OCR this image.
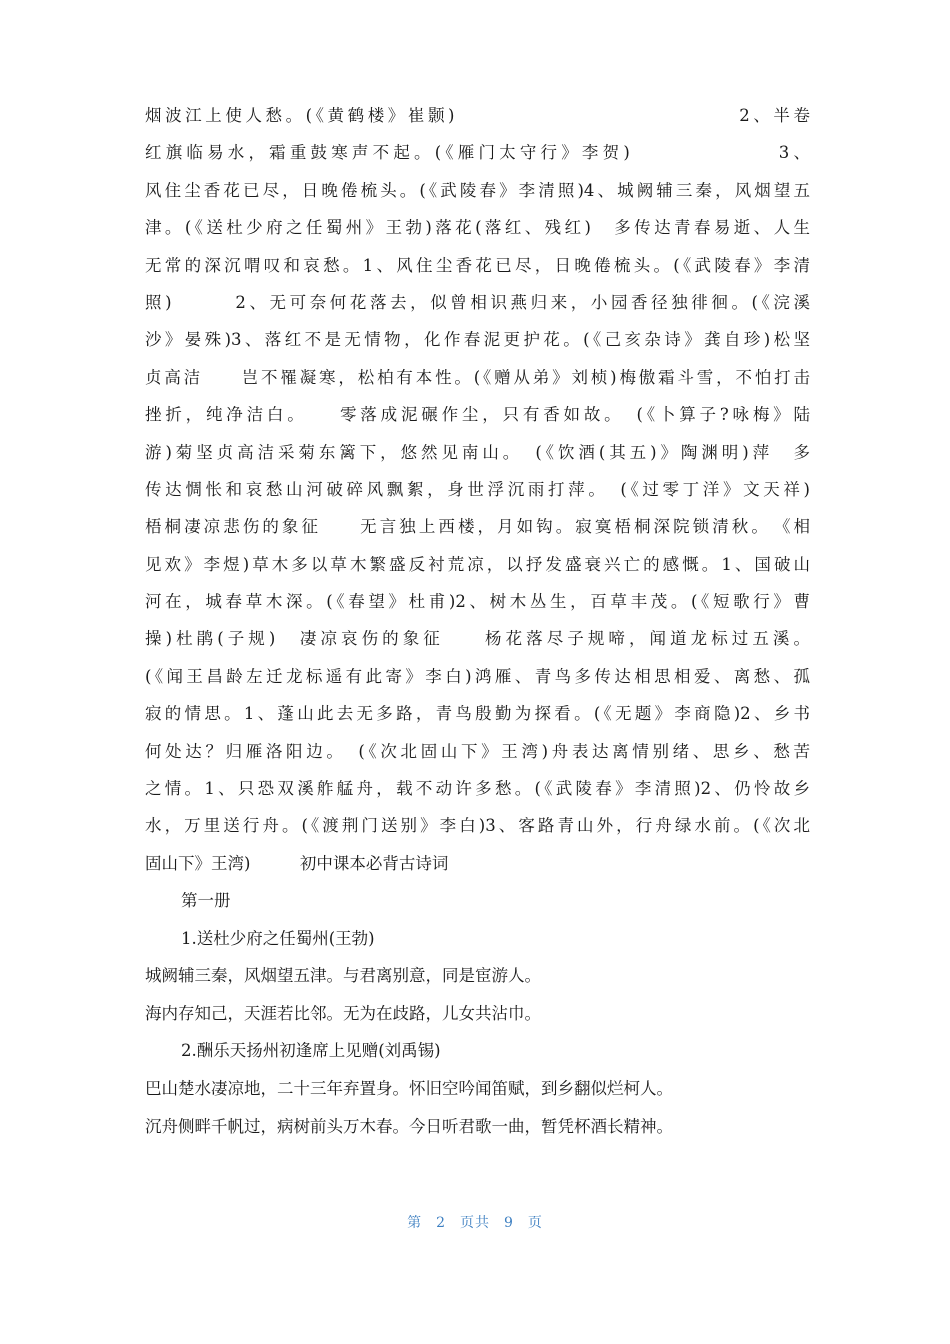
烟波江上使人愁。(《黄鹤楼》崔颢)　　　　　　　　　　　　　　2、半卷
红旗临易水，霜重鼓寒声不起。(《雁门太守行》李贺)　　　　　　　3、
风住尘香花已尽，日晚倦梳头。(《武陵春》李清照)4、城阙辅三秦，风烟望五
津。(《送杜少府之任蜀州》王勃)落花(落红、残红)　多传达青春易逝、人生
无常的深沉喟叹和哀愁。1、风住尘香花已尽，日晚倦梳头。(《武陵春》李清
照)　　　2、无可奈何花落去，似曾相识燕归来，小园香径独徘徊。(《浣溪
沙》晏殊)3、落红不是无情物，化作春泥更护花。(《己亥杂诗》龚自珍)松坚
贞高洁　　岂不罹凝寒，松柏有本性。(《赠从弟》刘桢)梅傲霜斗雪，不怕打击
挫折，纯净洁白。　　零落成泥碾作尘，只有香如故。　(《卜算子?咏梅》陆
游)菊坚贞高洁采菊东篱下，悠然见南山。　(《饮酒(其五)》陶渊明)萍　多
传达惆怅和哀愁山河破碎风飘絮，身世浮沉雨打萍。　(《过零丁洋》文天祥)
梧桐凄凉悲伤的象征　　无言独上西楼，月如钩。寂寞梧桐深院锁清秋。　《相
见欢》李煜)草木多以草木繁盛反衬荒凉，以抒发盛衰兴亡的感慨。1、国破山
河在，城春草木深。(《春望》杜甫)2、树木丛生，百草丰茂。(《短歌行》曹
操)杜鹃(子规)　凄凉哀伤的象征　　杨花落尽子规啼，闻道龙标过五溪。
(《闻王昌龄左迁龙标遥有此寄》李白)鸿雁、青鸟多传达相思相爱、离愁、孤
寂的情思。1、蓬山此去无多路，青鸟殷勤为探看。(《无题》李商隐)2、乡书
何处达？归雁洛阳边。　(《次北固山下》王湾)舟表达离情别绪、思乡、愁苦
之情。1、只恐双溪舴艋舟，载不动许多愁。(《武陵春》李清照)2、仍怜故乡
水，万里送行舟。(《渡荆门送别》李白)3、客路青山外，行舟绿水前。(《次北
固山下》王湾)　　　初中课本必背古诗词
第一册
1.送杜少府之任蜀州(王勃)
城阙辅三秦，风烟望五津。与君离别意，同是宦游人。
海内存知己，天涯若比邻。无为在歧路，儿女共沾巾。
2.酬乐天扬州初逢席上见赠(刘禹锡)
巴山楚水凄凉地，二十三年弃置身。怀旧空吟闻笛赋，到乡翻似烂柯人。
沉舟侧畔千帆过，病树前头万木春。今日听君歌一曲，暂凭杯酒长精神。
第 2 页共 9 页
